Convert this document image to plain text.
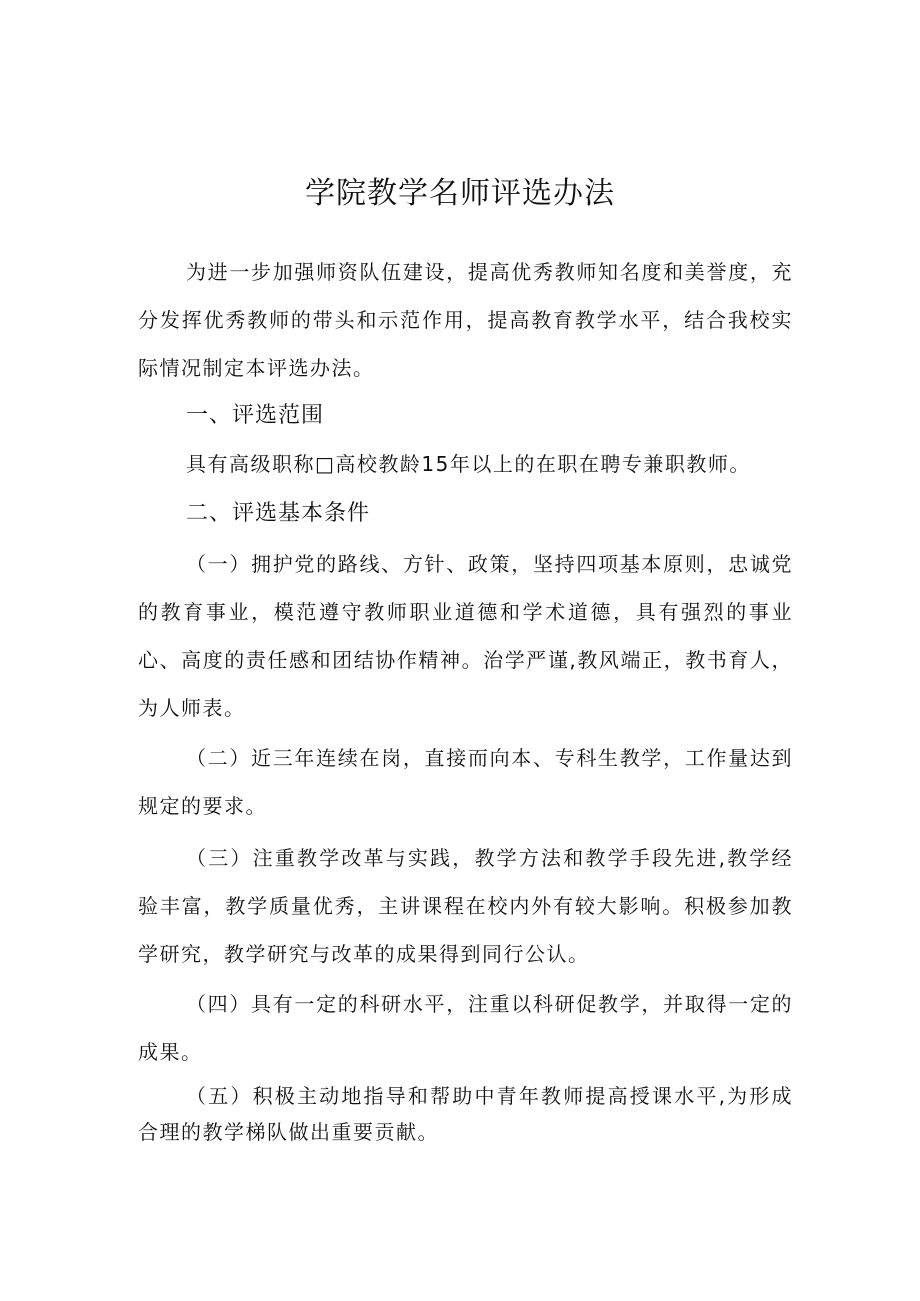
学院教学名师评选办法

为进一步加强师资队伍建设，提高优秀教师知名度和美誉度，充分发挥优秀教师的带头和示范作用，提高教育教学水平，结合我校实际情况制定本评选办法。

一、评选范围

具有高级职称□高校教龄15年以上的在职在聘专兼职教师。

二、评选基本条件

（一）拥护党的路线、方针、政策，坚持四项基本原则，忠诚党的教育事业，模范遵守教师职业道德和学术道德，具有强烈的事业心、高度的责任感和团结协作精神。治学严谨,教风端正，教书育人，为人师表。

（二）近三年连续在岗，直接而向本、专科生教学，工作量达到规定的要求。

（三）注重教学改革与实践，教学方法和教学手段先进,教学经验丰富，教学质量优秀，主讲课程在校内外有较大影响。积极参加教学研究，教学研究与改革的成果得到同行公认。

（四）具有一定的科研水平，注重以科研促教学，并取得一定的成果。

（五）积极主动地指导和帮助中青年教师提高授课水平,为形成合理的教学梯队做出重要贡献。
